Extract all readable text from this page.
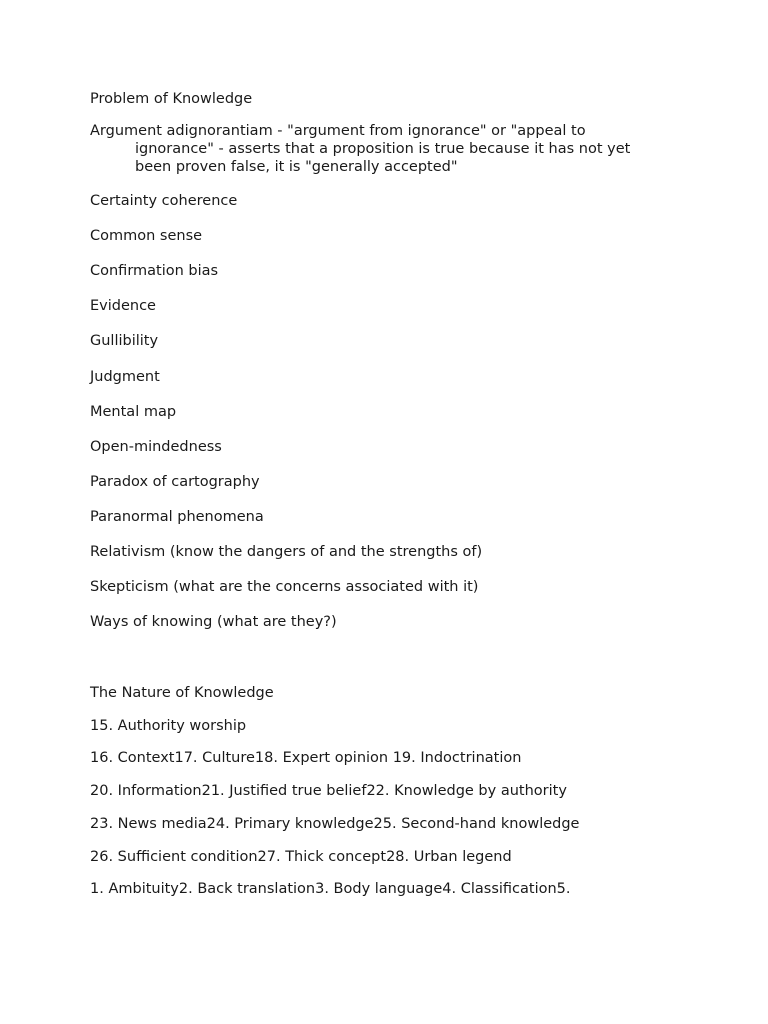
Problem of Knowledge
Argument adignorantiam - "argument from ignorance" or "appeal to
ignorance" - asserts that a proposition is true because it has not yet been proven false, it is "generally accepted"
Certainty coherence
Common sense
Confirmation bias
Evidence
Gullibility
Judgment
Mental map
Open-mindedness
Paradox of cartography
Paranormal phenomena
Relativism (know the dangers of and the strengths of)
Skepticism (what are the concerns associated with it)
Ways of knowing (what are they?)
The Nature of Knowledge
15. Authority worship
16. Context17. Culture18. Expert opinion 19. Indoctrination
20. Information21. Justified true belief22. Knowledge by authority
23. News media24. Primary knowledge25. Second-hand knowledge
26. Sufficient condition27. Thick concept28. Urban legend
1. Ambituity2. Back translation3. Body language4. Classification5.
